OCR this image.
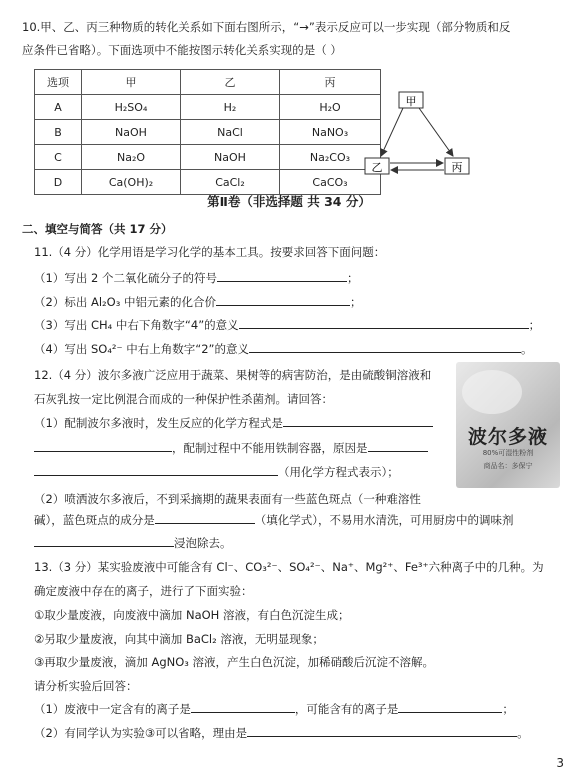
10.甲、乙、丙三种物质的转化关系如下面右图所示，“→”表示反应可以一步实现（部分物质和反
应条件已省略）。下面选项中不能按图示转化关系实现的是（ ）
选项	甲	乙	丙
A	H₂SO₄	H₂	H₂O
B	NaOH	NaCl	NaNO₃
C	Na₂O	NaOH	Na₂CO₃
D	Ca(OH)₂	CaCl₂	CaCO₃
甲
乙	丙
第Ⅱ卷（非选择题 共 34 分）
二、填空与简答（共 17 分）
11.（4 分）化学用语是学习化学的基本工具。按要求回答下面问题：
（1）写出 2 个二氧化硫分子的符号	；
（2）标出 Al₂O₃ 中铝元素的化合价	；
（3）写出 CH₄ 中右下角数字“4”的意义	；
（4）写出 SO₄²⁻ 中右上角数字“2”的意义	。
12.（4 分）波尔多液广泛应用于蔬菜、果树等的病害防治，是由硫酸铜溶液和
石灰乳按一定比例混合而成的一种保护性杀菌剂。请回答：
（1）配制波尔多液时，发生反应的化学方程式是
，配制过程中不能用铁制容器，原因是
（用化学方程式表示）；
（2）喷洒波尔多液后，不到采摘期的蔬果表面有一些蓝色斑点（一种难溶性
碱），蓝色斑点的成分是	（填化学式），不易用水清洗，可用厨房中的调味剂
浸泡除去。
波尔多液
80%可湿性粉剂
商品名：多保宁
13.（3 分）某实验废液中可能含有 Cl⁻、CO₃²⁻、SO₄²⁻、Na⁺、Mg²⁺、Fe³⁺六种离子中的几种。为
确定废液中存在的离子，进行了下面实验：
①取少量废液，向废液中滴加 NaOH 溶液，有白色沉淀生成；
②另取少量废液，向其中滴加 BaCl₂ 溶液，无明显现象；
③再取少量废液，滴加 AgNO₃ 溶液，产生白色沉淀，加稀硝酸后沉淀不溶解。
请分析实验后回答：
（1）废液中一定含有的离子是	，可能含有的离子是	；
（2）有同学认为实验③可以省略，理由是	。
3
